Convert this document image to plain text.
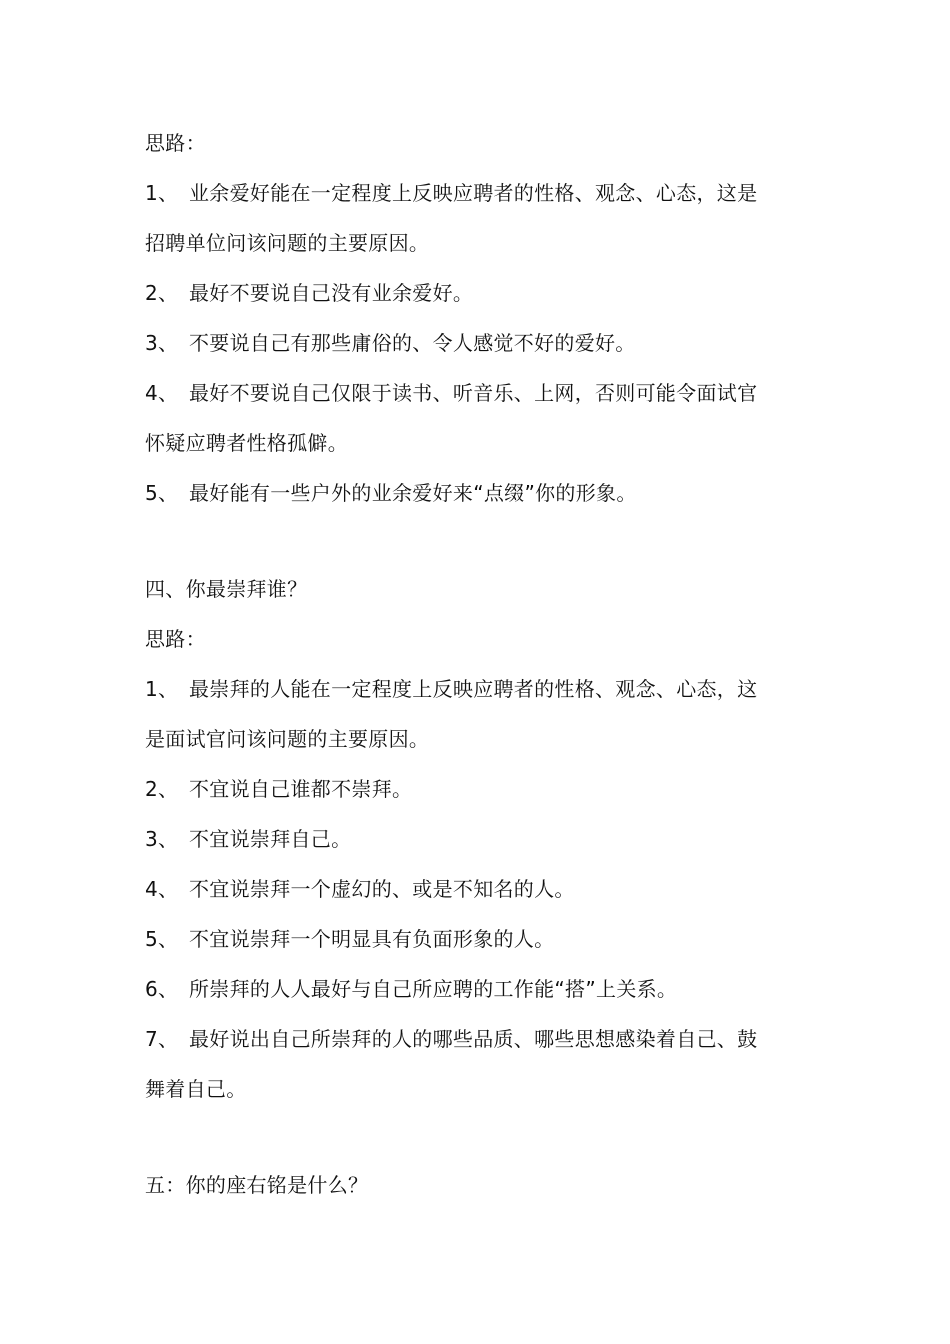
思路：
1、 业余爱好能在一定程度上反映应聘者的性格、观念、心态，这是
招聘单位问该问题的主要原因。
2、 最好不要说自己没有业余爱好。
3、 不要说自己有那些庸俗的、令人感觉不好的爱好。
4、 最好不要说自己仅限于读书、听音乐、上网，否则可能令面试官
怀疑应聘者性格孤僻。
5、 最好能有一些户外的业余爱好来“点缀”你的形象。
四、你最崇拜谁？
思路：
1、 最崇拜的人能在一定程度上反映应聘者的性格、观念、心态，这
是面试官问该问题的主要原因。
2、 不宜说自己谁都不崇拜。
3、 不宜说崇拜自己。
4、 不宜说崇拜一个虚幻的、或是不知名的人。
5、 不宜说崇拜一个明显具有负面形象的人。
6、 所崇拜的人人最好与自己所应聘的工作能“搭”上关系。
7、 最好说出自己所崇拜的人的哪些品质、哪些思想感染着自己、鼓
舞着自己。
五：你的座右铭是什么？
